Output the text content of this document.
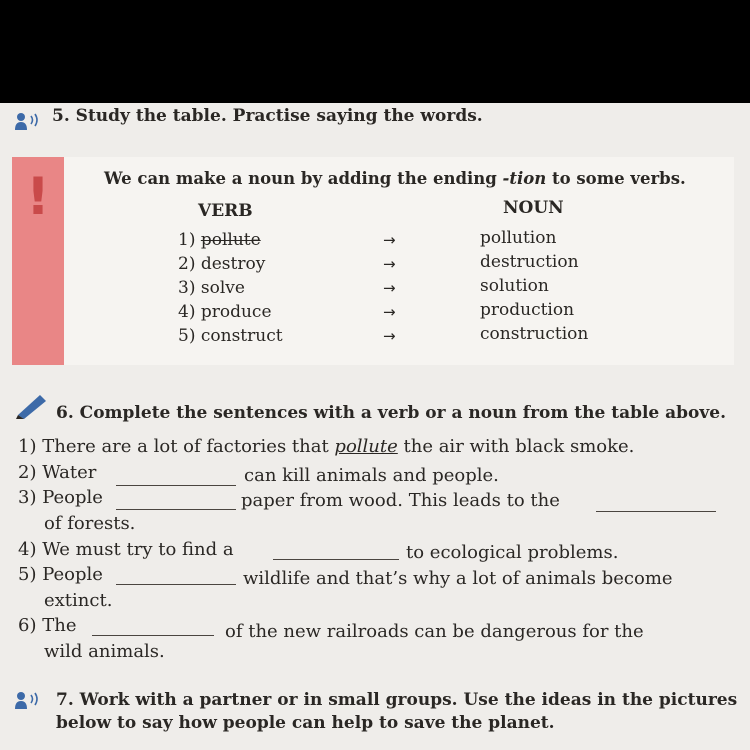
5. Study the table. Practise saying the words.
!	We can make a noun by adding the ending -tion to some verbs.
VERB	NOUN
1) pollute	→	pollution
2) destroy	→	destruction
3) solve	→	solution
4) produce	→	production
5) construct	→	construction
6. Complete the sentences with a verb or a noun from the table above.
1) There are a lot of factories that pollute the air with black smoke.
2) Water	can kill animals and people.
3) People	paper from wood. This leads to the
of forests.
4) We must try to find a	to ecological problems.
5) People	wildlife and that’s why a lot of animals become
extinct.
6) The	of the new railroads can be dangerous for the
wild animals.
7. Work with a partner or in small groups. Use the ideas in the pictures
below to say how people can help to save the planet.
